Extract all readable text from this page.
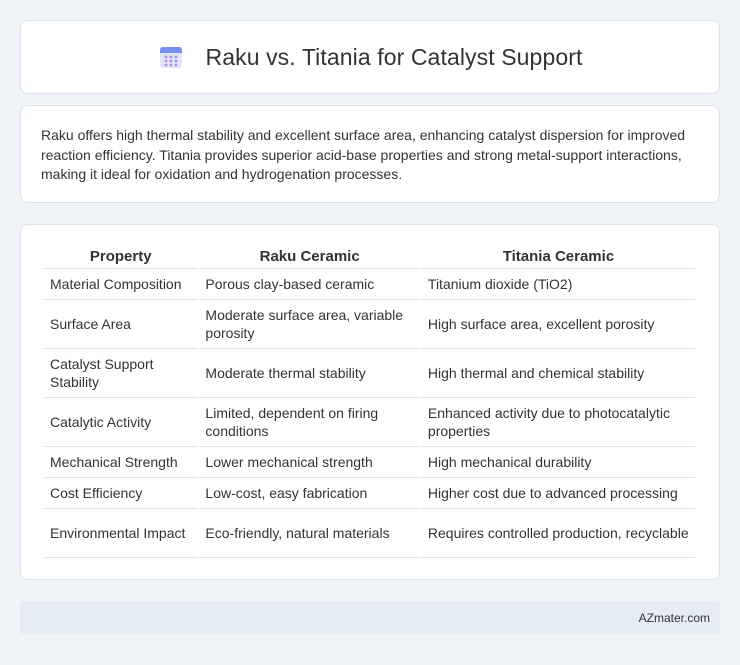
Raku vs. Titania for Catalyst Support

Raku offers high thermal stability and excellent surface area, enhancing catalyst dispersion for improved reaction efficiency. Titania provides superior acid-base properties and strong metal-support interactions, making it ideal for oxidation and hydrogenation processes.

Property	Raku Ceramic	Titania Ceramic
Material Composition	Porous clay-based ceramic	Titanium dioxide (TiO2)
Surface Area	Moderate surface area, variable porosity	High surface area, excellent porosity
Catalyst Support Stability	Moderate thermal stability	High thermal and chemical stability
Catalytic Activity	Limited, dependent on firing conditions	Enhanced activity due to photocatalytic properties
Mechanical Strength	Lower mechanical strength	High mechanical durability
Cost Efficiency	Low-cost, easy fabrication	Higher cost due to advanced processing
Environmental Impact	Eco-friendly, natural materials	Requires controlled production, recyclable
AZmater.com
